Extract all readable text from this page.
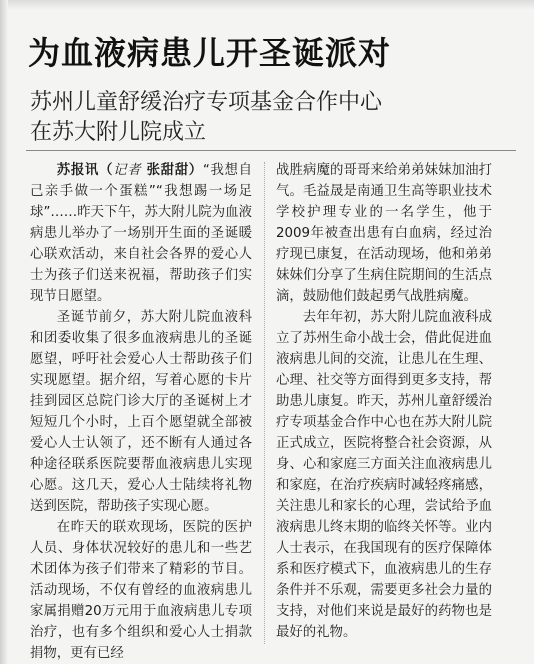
为血液病患儿开圣诞派对
苏州儿童舒缓治疗专项基金合作中心
在苏大附儿院成立

苏报讯（记者 张甜甜）“我想自己亲手做一个蛋糕”“我想踢一场足球”……昨天下午，苏大附儿院为血液病患儿举办了一场别开生面的圣诞暖心联欢活动，来自社会各界的爱心人士为孩子们送来祝福，帮助孩子们实现节日愿望。

圣诞节前夕，苏大附儿院血液科和团委收集了很多血液病患儿的圣诞愿望，呼吁社会爱心人士帮助孩子们实现愿望。据介绍，写着心愿的卡片挂到园区总院门诊大厅的圣诞树上才短短几个小时，上百个愿望就全部被爱心人士认领了，还不断有人通过各种途径联系医院要帮血液病患儿实现心愿。这几天，爱心人士陆续将礼物送到医院，帮助孩子实现心愿。

在昨天的联欢现场，医院的医护人员、身体状况较好的患儿和一些艺术团体为孩子们带来了精彩的节目。活动现场，不仅有曾经的血液病患儿家属捐赠20万元用于血液病患儿专项治疗，也有多个组织和爱心人士捐款捐物，更有已经

战胜病魔的哥哥来给弟弟妹妹加油打气。毛益晟是南通卫生高等职业技术学校护理专业的一名学生，他于2009年被查出患有白血病，经过治疗现已康复，在活动现场，他和弟弟妹妹们分享了生病住院期间的生活点滴，鼓励他们鼓起勇气战胜病魔。

去年年初，苏大附儿院血液科成立了苏州生命小战士会，借此促进血液病患儿间的交流，让患儿在生理、心理、社交等方面得到更多支持，帮助患儿康复。昨天，苏州儿童舒缓治疗专项基金合作中心也在苏大附儿院正式成立，医院将整合社会资源，从身、心和家庭三方面关注血液病患儿和家庭，在治疗疾病时减轻疼痛感，关注患儿和家长的心理，尝试给予血液病患儿终末期的临终关怀等。业内人士表示，在我国现有的医疗保障体系和医疗模式下，血液病患儿的生存条件并不乐观，需要更多社会力量的支持，对他们来说是最好的药物也是最好的礼物。
